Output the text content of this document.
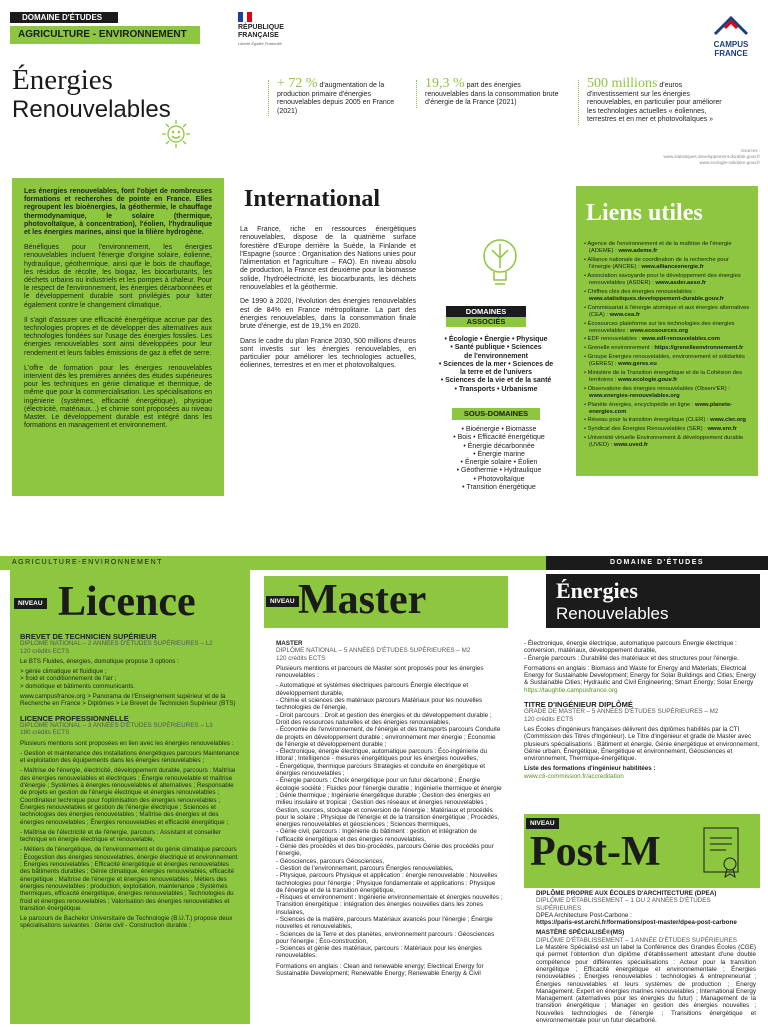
DOMAINE D'ÉTUDES
AGRICULTURE - ENVIRONNEMENT
Énergies
Renouvelables
RÉPUBLIQUE
FRANÇAISE
Liberté Égalité Fraternité	CAMPUS
FRANCE
+ 72 % d'augmentation de la production primaire d'énergies renouvelables depuis 2005 en France (2021)
19,3 % part des énergies renouvelables dans la consommation brute d'énergie de la France (2021)
500 millions d'euros d'investissement sur les énergies renouvelables, en particulier pour améliorer les technologies actuelles « éoliennes, terrestres et en mer et photovoltaïques »
Sources :
www.statistiques.developpement-durable.gouv.fr
www.ecologie-solidaire.gouv.fr

Les énergies renouvelables, font l'objet de nombreuses formations et recherches de pointe en France. Elles regroupent les bioénergies, la géothermie, le chauffage thermodynamique, le solaire (thermique, photovoltaïque, à concentration), l'éolien, l'hydraulique et les énergies marines, ainsi que la filière hydrogène.

Bénéfiques pour l'environnement, les énergies renouvelables incluent l'énergie d'origine solaire, éolienne, hydraulique, géothermique, ainsi que le bois de chauffage, les résidus de récolte, les biogaz, les biocarburants, les déchets urbains ou industriels et les pompes à chaleur. Pour le respect de l'environnement, les énergies décarbonnées et le développement durable sont privilégiés pour lutter également contre le changement climatique.

Il s'agit d'assurer une efficacité énergétique accrue par des technologies propres et de développer des alternatives aux technologies fondées sur l'usage des énergies fossiles. Les énergies renouvelables sont ainsi développées pour leur rendement et leurs faibles émissions de gaz à effet de serre.

L'offre de formation pour les énergies renouvelables intervient dès les premières années des études supérieures pour les techniques en génie climatique et thermique, de même que pour la commercialisation. Les spécialisations en ingénierie (systèmes, efficacité énergétique), physique (électricité, matériaux...) et chimie sont proposées au niveau Master. Le développement durable est intégré dans les formations en management et environnement.

International

La France, riche en ressources énergétiques renouvelables, dispose de la quatrième surface forestière d'Europe derrière la Suède, la Finlande et l'Espagne (source : Organisation des Nations unies pour l'alimentation et l'agriculture – FAO). En niveau absolu de production, la France est deuxième pour la biomasse solide, l'hydroélectricité, les biocarburants, les déchets renouvelables et la géothermie.

De 1990 à 2020, l'évolution des énergies renouvelables est de 84% en France métropolitaine. La part des énergies renouvelables, dans la consommation finale brute d'énergie, est de 19,1% en 2020.

Dans le cadre du plan France 2030, 500 millions d'euros sont investis sur les énergies renouvelables, en particulier pour améliorer les technologies actuelles, éoliennes, terrestres et en mer et photovoltaïques.

DOMAINES
ASSOCIÉS
• Écologie • Énergie • Physique
• Santé publique • Sciences
de l'environnement
• Sciences de la mer • Sciences de
la terre et de l'univers
• Sciences de la vie et de la santé
• Transports • Urbanisme
SOUS-DOMAINES
• Bioénergie • Biomasse
• Bois • Efficacité énergétique
• Énergie décarbonnée
• Énergie marine
• Énergie solaire • Éolien
• Géothermie • Hydraulique
• Photovoltaïque
• Transition énergétique
Liens utiles
• Agence de l'environnement et de la maîtrise de l'énergie (ADEME) : www.ademe.fr
• Alliance nationale de coordination de la recherche pour l'énergie (ANCRE) : www.allianceenergie.fr
• Association savoyarde pour le développement des énergies renouvelables (ASDER) : www.asder.asso.fr
• Chiffres clés des énergies renouvelables : www.statistiques.developpement-durable.gouv.fr
• Commissariat à l'énergie atomique et aux énergies alternatives (CEA) : www.cea.fr
• Écosources plateforme sur les technologies des énergies renouvelables : www.ecosources.org
• EDF renouvelables : www.edf-renouvelables.com
• Grenelle environnement : https://grenelleenvironnement.fr
• Groupe Énergies renouvelables, environnement et solidarités (GERES) : www.geres.eu
• Ministère de la Transition énergétique et de la Cohésion des territoires : www.ecologie.gouv.fr
• Observatoire des énergies renouvelables (Observ'ER) : www.energies-renouvelables.org
• Planète énergies, encyclopédie en ligne : www.planete-energies.com
• Réseau pour la transition énergétique (CLER) : www.cler.org
• Syndicat des Énergies Renouvelables (SER) : www.enr.fr
• Université virtuelle Environnement & développement durable (UVED) : www.uved.fr
AGRICULTURE-ENVIRONNEMENT	DOMAINE D'ÉTUDES
NIVEAU Licence
BREVET DE TECHNICIEN SUPÉRIEUR
DIPLÔME NATIONAL – 2 ANNÉES D'ÉTUDES SUPÉRIEURES – L2

120 crédits ECTS

Le BTS Fluides, énergies, domotique propose 3 options :

> génie climatique et fluidique ;
> froid et conditionnement de l'air ;

> domotique et bâtiments communicants.

www.campusfrance.org > Panorama de l'Enseignement supérieur et de la Recherche en France > Diplômes > Le Brevet de Technicien Supérieur (BTS)

LICENCE PROFESSIONNELLE
DIPLÔME NATIONAL – 3 ANNÉES D'ÉTUDES SUPÉRIEURES – L3

180 crédits ECTS

Plusieurs mentions sont proposées en lien avec les énergies renouvelables :

- Gestion et maintenance des installations énergétiques parcours Maintenance et exploitation des équipements dans les énergies renouvelables ;

- Maîtrise de l'énergie, électricité, développement durable, parcours : Maîtrise des énergies renouvelables et électriques ; Énergie renouvelable et maîtrise d'énergie ; Systèmes à énergies renouvelables et alternatives ; Responsable de projets en gestion de l'énergie électrique et énergies renouvelables ; Coordinateur technique pour l'optimisation des énergies renouvelables ; Énergies renouvelables et gestion de l'énergie électrique ; Sciences et technologies des énergies renouvelables ; Maîtrise des énergies et des énergies renouvelables ; Énergies renouvelables et efficacité énergétique ;

- Maîtrise de l'électricité et de l'énergie, parcours : Assistant et conseiller technique en énergie électrique et renouvelable,

- Métiers de l'énergétique, de l'environnement et du génie climatique parcours : Écogestion des énergies renouvelables, énergie électrique et environnement ; Énergies renouvelables ; Efficacité énergétique et énergies renouvelables des bâtiments durables ; Génie climatique, énergies renouvelables, efficacité énergétique ; Maîtrise de l'énergie et énergies renouvelables ; Métiers des énergies renouvelables : production, exploitation, maintenance ; Systèmes thermiques, efficacité énergétique, énergies renouvelables ; Technologies du froid et énergies renouvelables ; Valorisation des énergies renouvelables et transition énergétique.

Le parcours de Bachelor Universitaire de Technologie (B.U.T.) propose deux spécialisations suivantes : Génie civil - Construction durable ;

NIVEAU Master	Énergies
Renouvelables
MASTER
DIPLÔME NATIONAL – 5 ANNÉES D'ÉTUDES SUPÉRIEURES – M2

120 crédits ECTS

Plusieurs mentions et parcours de Master sont proposés pour les énergies renouvelables :

- Automatique et systèmes électriques parcours Énergie électrique et développement durable,
- Chimie et sciences des matériaux parcours Matériaux pour les nouvelles technologies de l'énergie,
- Droit parcours : Droit et gestion des énergies et du développement durable ; Droit des ressources naturelles et des énergies renouvelables,
- Économie de l'environnement, de l'énergie et des transports parcours Conduite de projets en développement durable ; environnement mer énergie ; Économie de l'énergie et développement durable ;
- Électronique, énergie électrique, automatique parcours : Éco-ingénierie du littoral ; Intelligence - mesures énergétiques pour les énergies nouvelles,
- Énergétique, thermique parcours Stratégies et conduite en énergétique et énergies renouvelables ;
- Énergie parcours : Choix énergétique pour un futur décarboné ; Énergie écologie société ; Fluides pour l'énergie durable ; Ingénierie thermique et énergie ; Génie thermique ; Ingénierie énergétique durable ; Gestion des énergies en milieu insulaire et tropical ; Gestion des réseaux et énergies renouvelables ; Gestion, sources, stockage et conversion de l'énergie ; Matériaux et procédés pour le solaire ; Physique de l'énergie et de la transition énergétique ; Procédés, énergies renouvelables et géosciences ; Sciences thermiques,
- Génie civil, parcours : Ingénierie du bâtiment : gestion et intégration de l'efficacité énergétique et des énergies renouvelables,
- Génie des procédés et des bio-procédés, parcours Génie des procédés pour l'énergie,
- Géosciences, parcours Géosciences,
- Gestion de l'environnement, parcours Énergies renouvelables,
- Physique, parcours Physique et application : énergie renouvelable ; Nouvelles technologies pour l'énergie ; Physique fondamentale et applications : Physique de l'énergie et de la transition énergétique,
- Risques et environnement : Ingénierie environnementale et énergies nouvelles ; Transition énergétique : intégration des énergies nouvelles dans les zones insulaires,
- Sciences de la matière, parcours Matériaux avancés pour l'énergie ; Énergie nouvelles et renouvelables,
- Sciences de la Terre et des planètes, environnement parcours : Géosciences pour l'énergie ; Éco-construction,
- Sciences et génie des matériaux, parcours : Matériaux pour les énergies renouvelables.

Formations en anglais : Clean and renewable energy; Electrical Energy for Sustainable Development; Renewable Energy; Renewable Energy & Civil

- Électronique, énergie électrique, automatique parcours Énergie électrique : conversion, matériaux, développement durable,

- Énergie parcours : Durabilité des matériaux et des structures pour l'énergie.

Formations en anglais : Biomass and Waste for Energy and Materials; Electrical Energy for Sustainable Development; Energy for Solar Buildings and Cities; Energy & Sustainable Cities; Hydraulic and Civil Engineering; Smart Energy; Solar Energy

https://taughtie.campusfrance.org

TITRE D'INGÉNIEUR DIPLÔMÉ
GRADE DE MASTER – 5 ANNÉES D'ÉTUDES SUPÉRIEURES – M2

120 crédits ECTS

Les Écoles d'ingénieurs françaises délivrent des diplômes habilités par la CTI (Commission des Titres d'Ingénieur). Le Titre d'ingénieur et grade de Master avec plusieurs spécialisations : Bâtiment et énergie, Génie énergétique et environnement, Génie urbain, Énergétique, Énergétique et environnement, Géosciences et environnement, Thermique-énergétique.

Liste des formations d'ingénieur habilitées :
www.cti-commission.fr/accreditation
NIVEAU
Post-M
DIPLÔME PROPRE AUX ÉCOLES D'ARCHITECTURE (DPEA)
DIPLÔME D'ÉTABLISSEMENT – 1 OU 2 ANNÉES D'ÉTUDES SUPÉRIEURES
DPEA Architecture Post-Carbone :

https://paris-est.archi.fr/formations/post-master/dpea-post-carbone

MASTÈRE SPÉCIALISÉ®(MS)
DIPLÔME D'ÉTABLISSEMENT – 1 ANNÉE D'ÉTUDES SUPÉRIEURES

Le Mastère Spécialisé est un label la Conférence des Grandes Écoles (CGE) qui permet l'obtention d'un diplôme d'établissement attestant d'une double compétence pour différentes spécialisations : Acteur pour la transition énergétique ; Efficacité énergétique et environnementale ; Énergies renouvelables ; Énergies renouvelables : technologies & entrepreneuriat ; Énergies renouvelables et leurs systèmes de production ; Energy Management. Expert en énergies marines renouvelables ; International Energy Management (alternatives pour les énergies du futur) ; Management de la transition énergétique ; Manager en gestion des énergies nouvelles ; Nouvelles technologies de l'énergie ; Transitions énergétique et environnementale pour un futur décarboné.
